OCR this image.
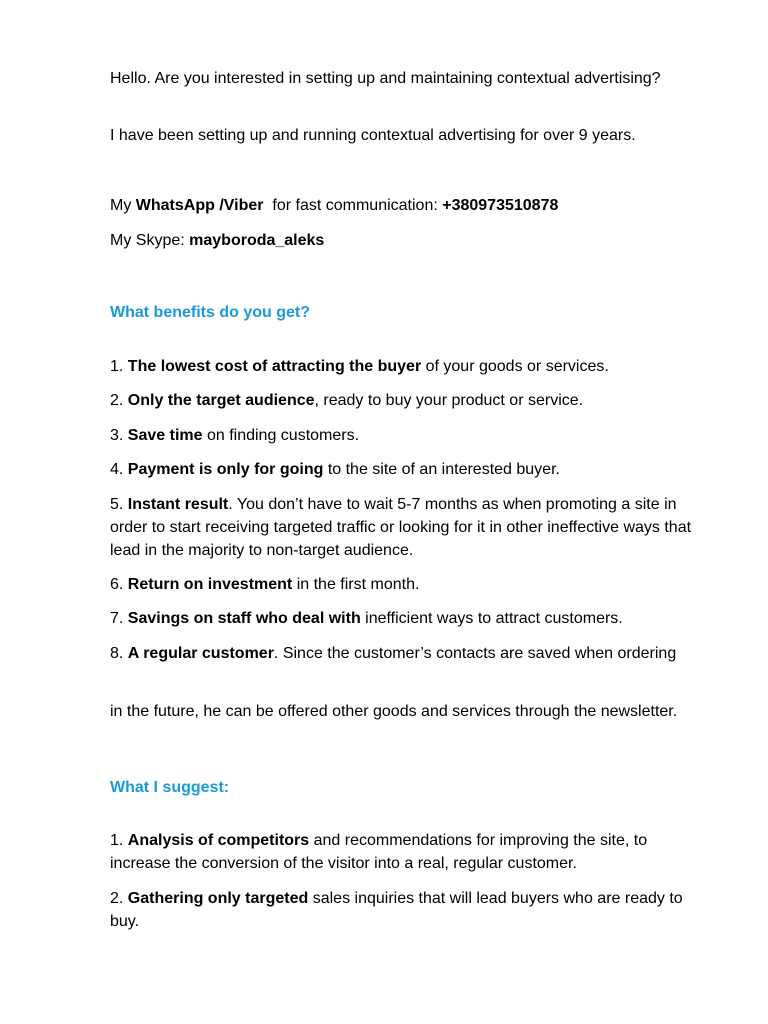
Hello. Are you interested in setting up and maintaining contextual advertising?

I have been setting up and running contextual advertising for over 9 years.

My WhatsApp /Viber  for fast communication: +380973510878

My Skype: mayboroda_aleks

What benefits do you get?

1. The lowest cost of attracting the buyer of your goods or services.

2. Only the target audience, ready to buy your product or service.

3. Save time on finding customers.

4. Payment is only for going to the site of an interested buyer.

5. Instant result. You don’t have to wait 5-7 months as when promoting a site in order to start receiving targeted traffic or looking for it in other ineffective ways that lead in the majority to non-target audience.

6. Return on investment in the first month.

7. Savings on staff who deal with inefficient ways to attract customers.

8. A regular customer. Since the customer’s contacts are saved when ordering

in the future, he can be offered other goods and services through the newsletter.

What I suggest:

1. Analysis of competitors and recommendations for improving the site, to increase the conversion of the visitor into a real, regular customer.

2. Gathering only targeted sales inquiries that will lead buyers who are ready to buy.
